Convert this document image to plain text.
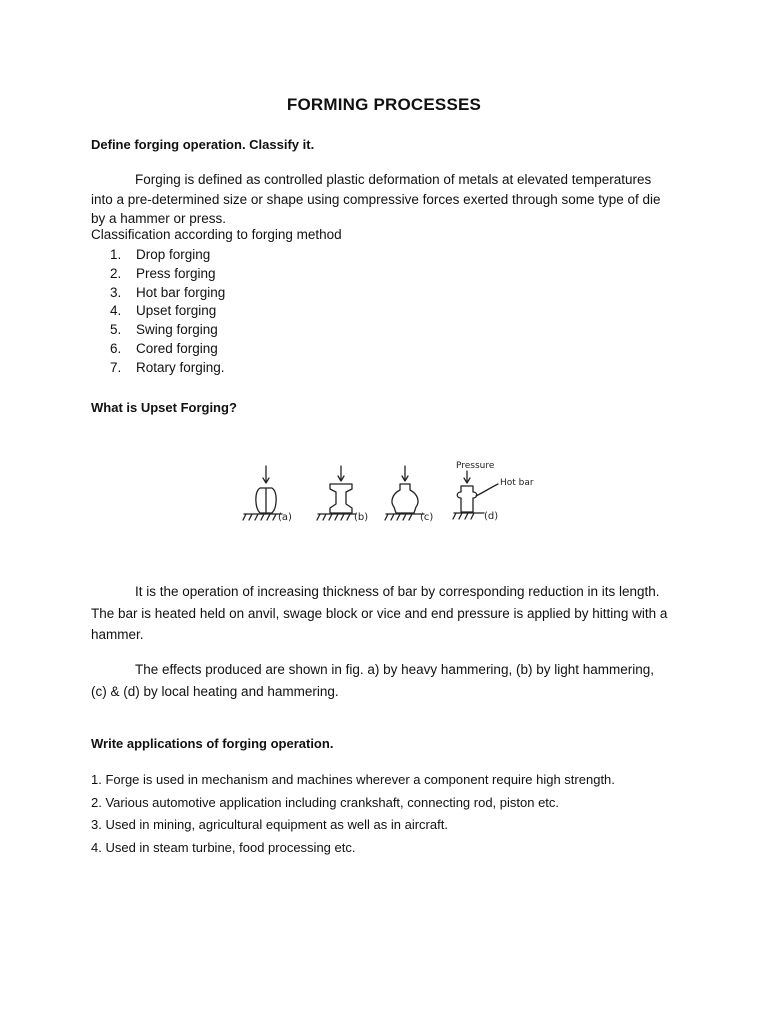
FORMING PROCESSES
Define forging operation. Classify it.
Forging is defined as controlled plastic deformation of metals at elevated temperatures
into a pre-determined size or shape using compressive forces exerted through some type of die
by a hammer or press.
Classification according to forging method
1. Drop forging
2. Press forging
3. Hot bar forging
4. Upset forging
5. Swing forging
6. Cored forging
7. Rotary forging.
What is Upset Forging?
(a)	(b)	(c)
Pressure
Hot bar
(d)
It is the operation of increasing thickness of bar by corresponding reduction in its length.
The bar is heated held on anvil, swage block or vice and end pressure is applied by hitting with a
hammer.
The effects produced are shown in fig. a) by heavy hammering, (b) by light hammering,
(c) & (d) by local heating and hammering.
Write applications of forging operation.
1. Forge is used in mechanism and machines wherever a component require high strength.
2. Various automotive application including crankshaft, connecting rod, piston etc.
3. Used in mining, agricultural equipment as well as in aircraft.
4. Used in steam turbine, food processing etc.
